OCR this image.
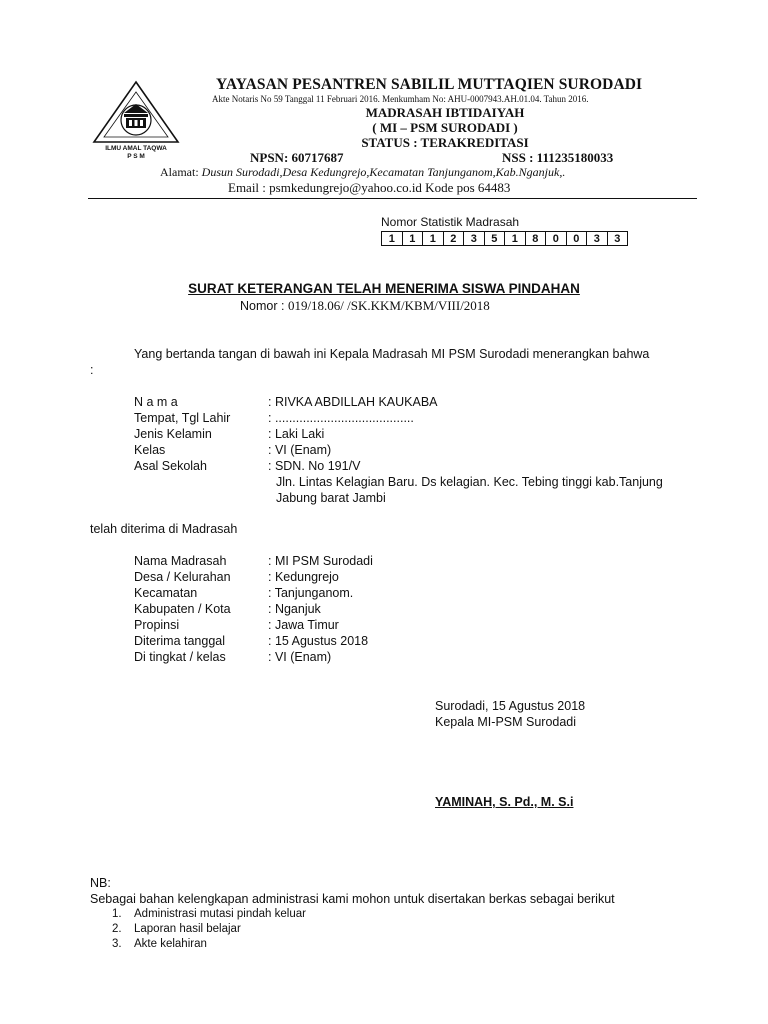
ILMU AMAL TAQWA
P S M
YAYASAN PESANTREN SABILIL MUTTAQIEN SURODADI
Akte Notaris No 59 Tanggal 11 Februari 2016. Menkumham No: AHU-0007943.AH.01.04. Tahun 2016.
MADRASAH IBTIDAIYAH
( MI – PSM SURODADI )
STATUS : TERAKREDITASI
NPSN: 60717687	NSS : 111235180033
Alamat: Dusun Surodadi,Desa Kedungrejo,Kecamatan Tanjunganom,Kab.Nganjuk,.
Email : psmkedungrejo@yahoo.co.id Kode pos 64483
Nomor Statistik Madrasah
1	1	1	2	3	5	1	8	0	0	3	3
SURAT KETERANGAN TELAH MENERIMA SISWA PINDAHAN
Nomor : 019/18.06/ /SK.KKM/KBM/VIII/2018
Yang bertanda tangan di bawah ini Kepala Madrasah MI PSM Surodadi menerangkan bahwa
:
N a m a	: RIVKA ABDILLAH KAUKABA
Tempat, Tgl Lahir	: ........................................
Jenis Kelamin	: Laki Laki
Kelas	: VI (Enam)
Asal Sekolah	: SDN. No 191/V
Jln. Lintas Kelagian Baru. Ds kelagian. Kec. Tebing tinggi kab.Tanjung
Jabung barat Jambi
telah diterima di Madrasah
Nama Madrasah	: MI PSM Surodadi
Desa / Kelurahan	: Kedungrejo
Kecamatan	: Tanjunganom.
Kabupaten / Kota	: Nganjuk
Propinsi	: Jawa Timur
Diterima tanggal	: 15 Agustus 2018
Di tingkat / kelas	: VI (Enam)
Surodadi, 15 Agustus 2018
Kepala MI-PSM Surodadi
YAMINAH, S. Pd., M. S.i
NB:
Sebagai bahan kelengkapan administrasi kami mohon untuk disertakan berkas sebagai berikut
1. Administrasi mutasi pindah keluar
2. Laporan hasil belajar
3. Akte kelahiran
